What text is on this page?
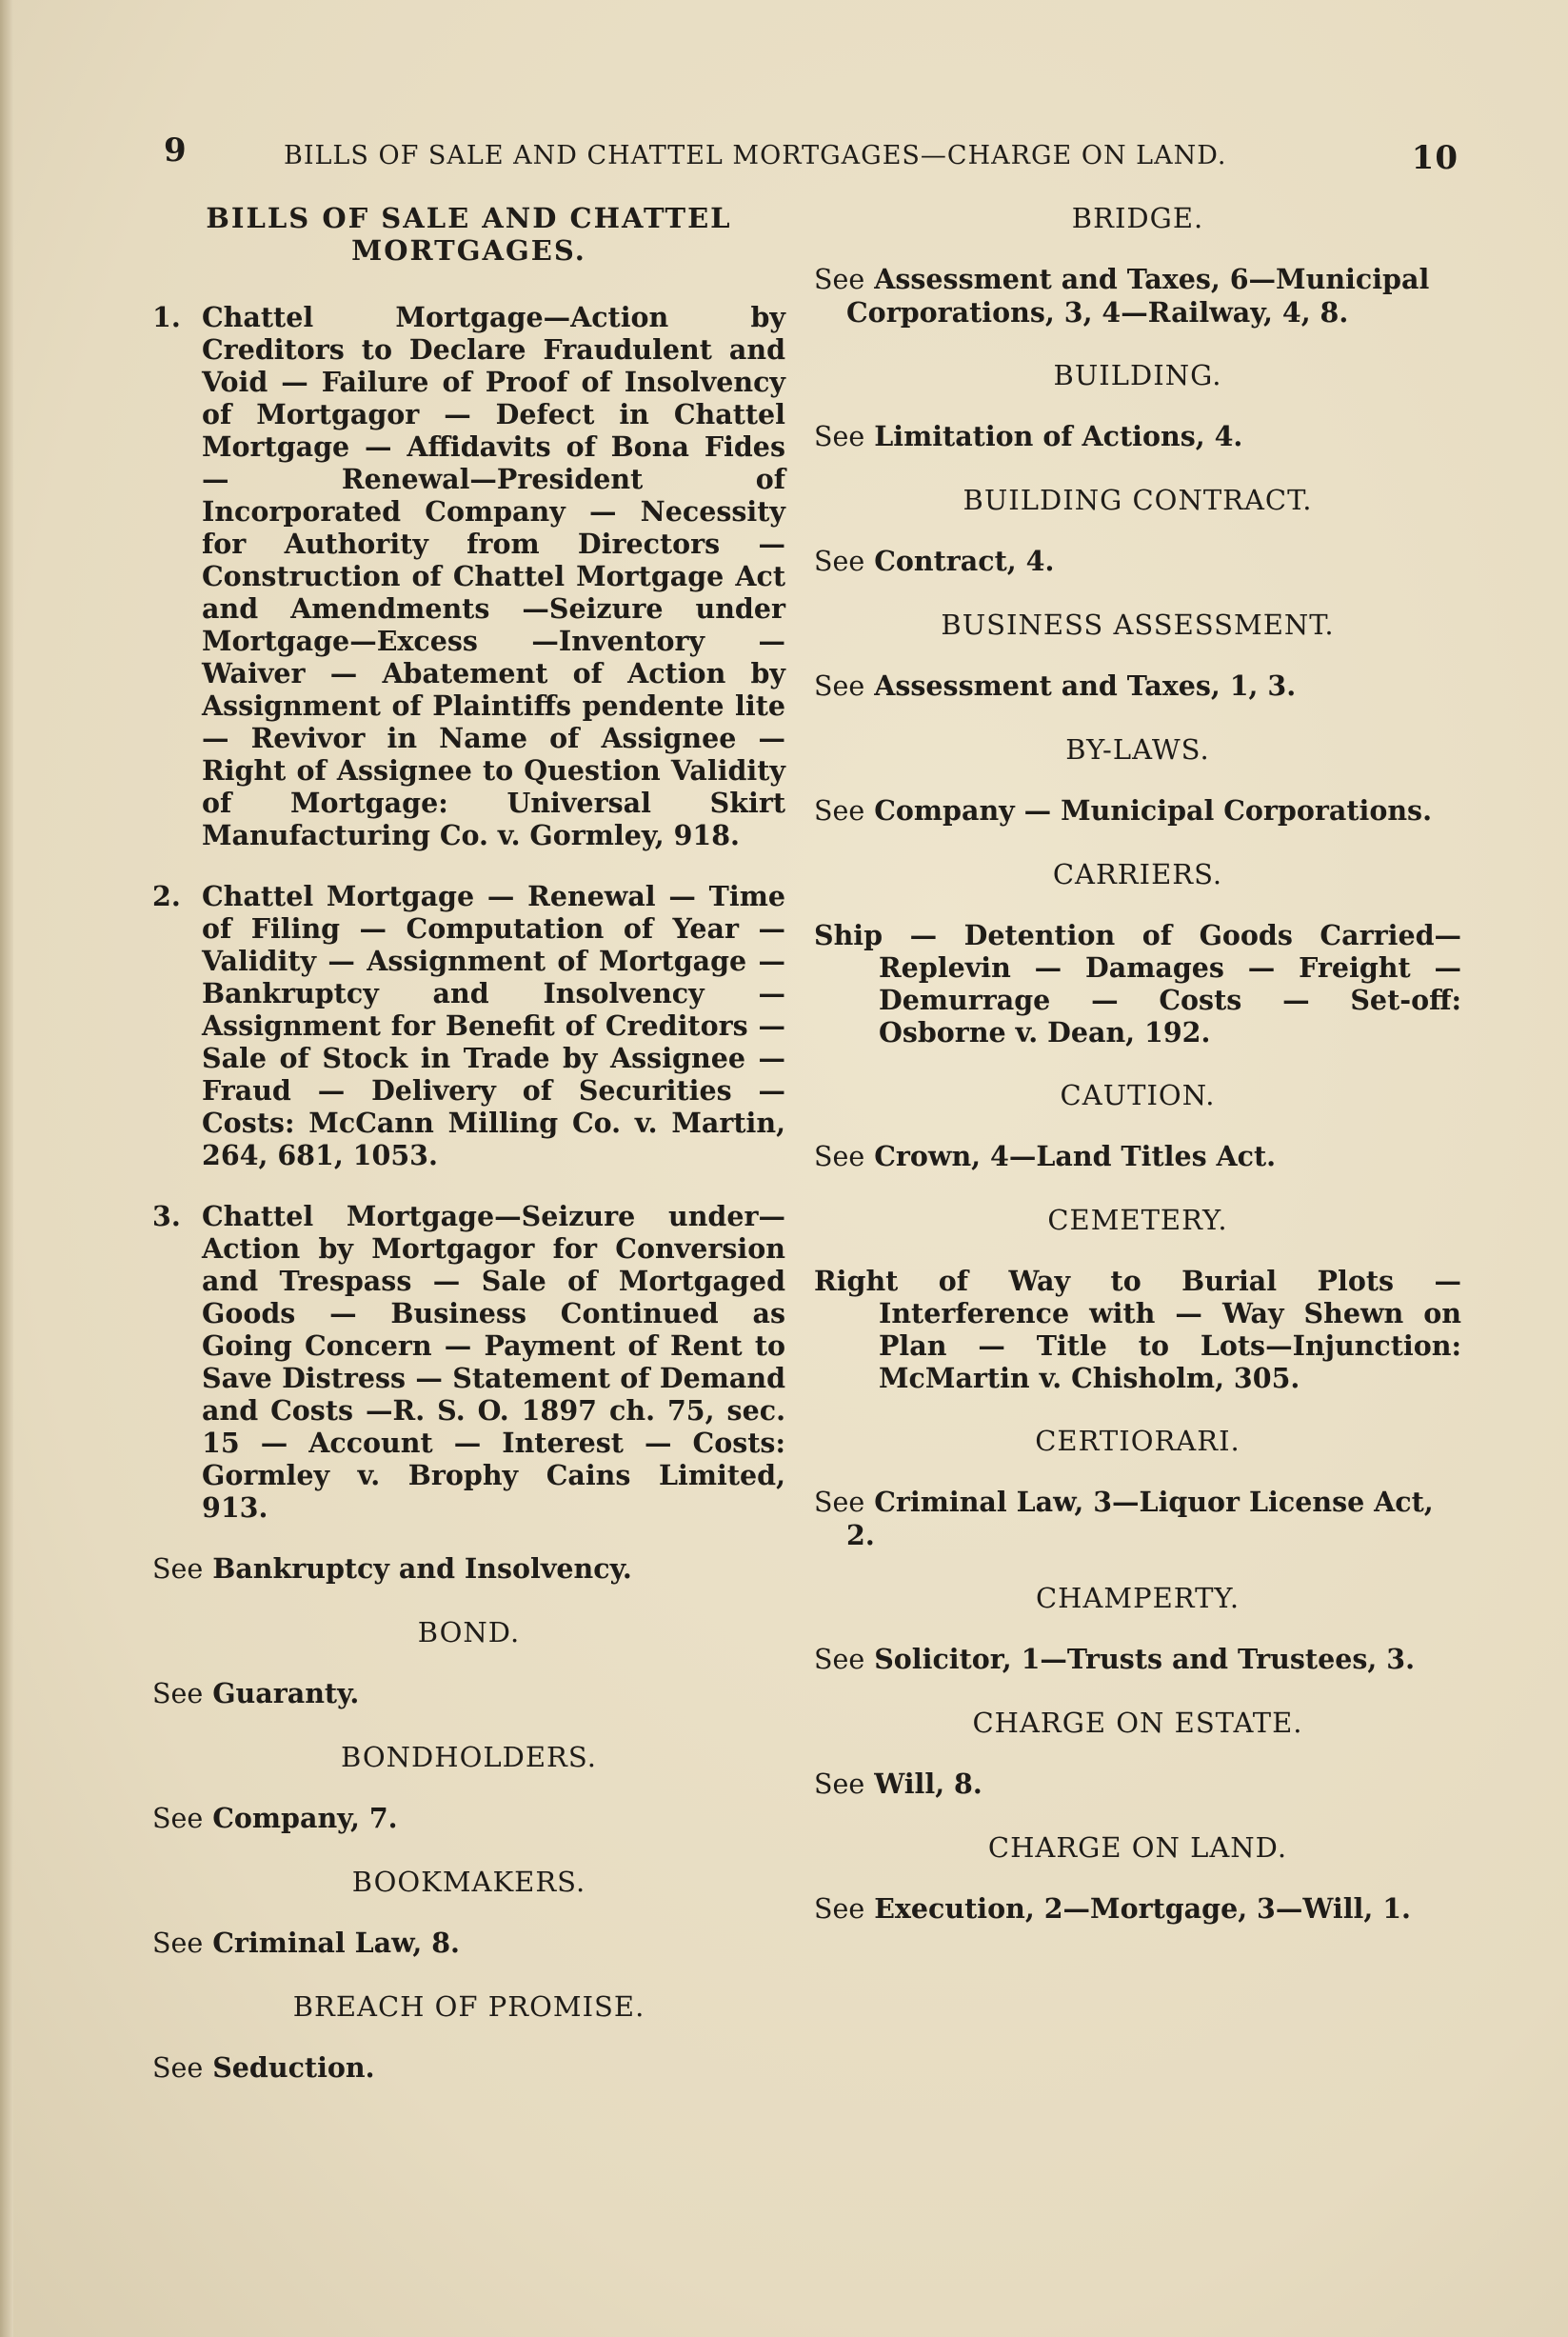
9	BILLS OF SALE AND CHATTEL MORTGAGES—CHARGE ON LAND.	10
BILLS OF SALE AND CHATTEL MORTGAGES.
1. Chattel Mortgage—Action by Creditors to Declare Fraudulent and Void — Failure of Proof of Insolvency of Mortgagor — Defect in Chattel Mortgage — Affidavits of Bona Fides — Renewal—President of Incorporated Company — Necessity for Authority from Directors — Construction of Chattel Mortgage Act and Amendments —Seizure under Mortgage—Excess —Inventory — Waiver — Abatement of Action by Assignment of Plaintiffs pendente lite — Revivor in Name of Assignee — Right of Assignee to Question Validity of Mortgage: Universal Skirt Manufacturing Co. v. Gormley, 918.
2. Chattel Mortgage — Renewal — Time of Filing — Computation of Year — Validity — Assignment of Mortgage — Bankruptcy and Insolvency — Assignment for Benefit of Creditors — Sale of Stock in Trade by Assignee — Fraud — Delivery of Securities — Costs: McCann Milling Co. v. Martin, 264, 681, 1053.
3. Chattel Mortgage—Seizure under—Action by Mortgagor for Conversion and Trespass — Sale of Mortgaged Goods — Business Continued as Going Concern — Payment of Rent to Save Distress — Statement of Demand and Costs —R. S. O. 1897 ch. 75, sec. 15 — Account — Interest — Costs: Gormley v. Brophy Cains Limited, 913.
See Bankruptcy and Insolvency.
BOND.
See Guaranty.
BONDHOLDERS.
See Company, 7.
BOOKMAKERS.
See Criminal Law, 8.
BREACH OF PROMISE.
See Seduction.
BRIDGE.
See Assessment and Taxes, 6—Municipal Corporations, 3, 4—Railway, 4, 8.
BUILDING.
See Limitation of Actions, 4.
BUILDING CONTRACT.
See Contract, 4.
BUSINESS ASSESSMENT.
See Assessment and Taxes, 1, 3.
BY-LAWS.
See Company — Municipal Corporations.
CARRIERS.
Ship — Detention of Goods Carried—Replevin — Damages — Freight —Demurrage — Costs — Set-off: Osborne v. Dean, 192.
CAUTION.
See Crown, 4—Land Titles Act.
CEMETERY.
Right of Way to Burial Plots — Interference with — Way Shewn on Plan — Title to Lots—Injunction: McMartin v. Chisholm, 305.
CERTIORARI.
See Criminal Law, 3—Liquor License Act, 2.
CHAMPERTY.
See Solicitor, 1—Trusts and Trustees, 3.
CHARGE ON ESTATE.
See Will, 8.
CHARGE ON LAND.
See Execution, 2—Mortgage, 3—Will, 1.
